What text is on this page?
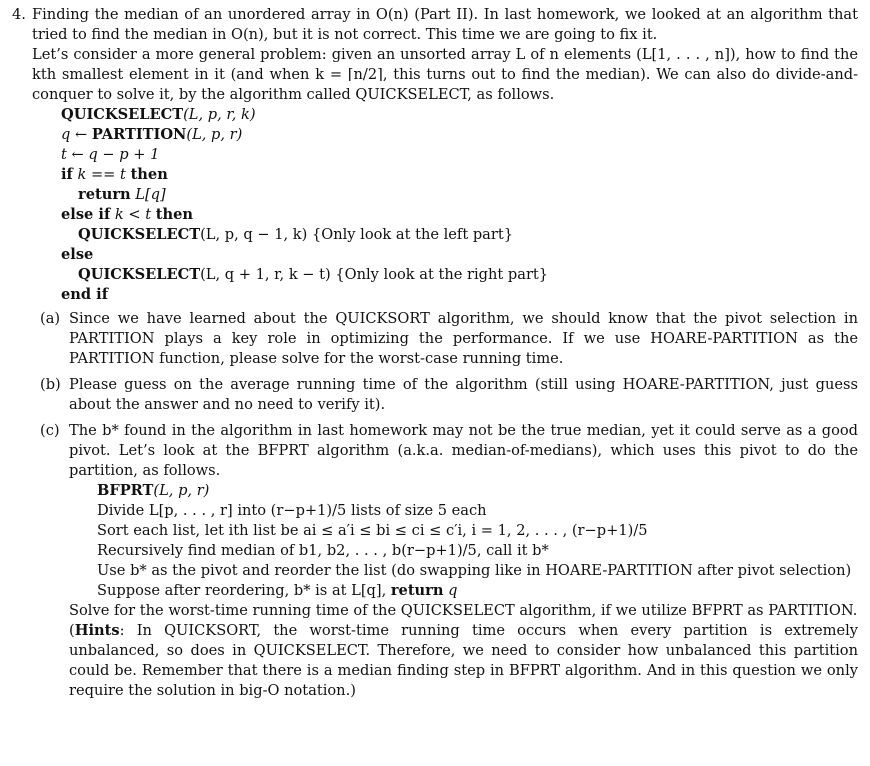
4. Finding the median of an unordered array in O(n) (Part II). In last homework, we looked at an algorithm that tried to find the median in O(n), but it is not correct. This time we are going to fix it.
Let’s consider a more general problem: given an unsorted array L of n elements (L[1, . . . , n]), how to find the kth smallest element in it (and when k = ⌈n/2⌉, this turns out to find the median). We can also do divide-and-conquer to solve it, by the algorithm called QUICKSELECT, as follows.
QUICKSELECT(L, p, r, k)
q ← PARTITION(L, p, r)
t ← q − p + 1
if k == t then
return L[q]
else if k < t then
QUICKSELECT(L, p, q − 1, k) {Only look at the left part}
else
QUICKSELECT(L, q + 1, r, k − t) {Only look at the right part}
end if
(a) Since we have learned about the QUICKSORT algorithm, we should know that the pivot selection in PARTITION plays a key role in optimizing the performance. If we use HOARE-PARTITION as the PARTITION function, please solve for the worst-case running time.
(b) Please guess on the average running time of the algorithm (still using HOARE-PARTITION, just guess about the answer and no need to verify it).
(c) The b* found in the algorithm in last homework may not be the true median, yet it could serve as a good pivot. Let’s look at the BFPRT algorithm (a.k.a. median-of-medians), which uses this pivot to do the partition, as follows.
BFPRT(L, p, r)
Divide L[p, . . . , r] into (r−p+1)/5 lists of size 5 each
Sort each list, let ith list be ai ≤ a′i ≤ bi ≤ ci ≤ c′i, i = 1, 2, . . . , (r−p+1)/5
Recursively find median of b1, b2, . . . , b(r−p+1)/5, call it b*
Use b* as the pivot and reorder the list (do swapping like in HOARE-PARTITION after pivot selection)
Suppose after reordering, b* is at L[q], return q
Solve for the worst-time running time of the QUICKSELECT algorithm, if we utilize BFPRT as PARTITION.
(Hints: In QUICKSORT, the worst-time running time occurs when every partition is extremely unbalanced, so does in QUICKSELECT. Therefore, we need to consider how unbalanced this partition could be. Remember that there is a median finding step in BFPRT algorithm. And in this question we only require the solution in big-O notation.)
